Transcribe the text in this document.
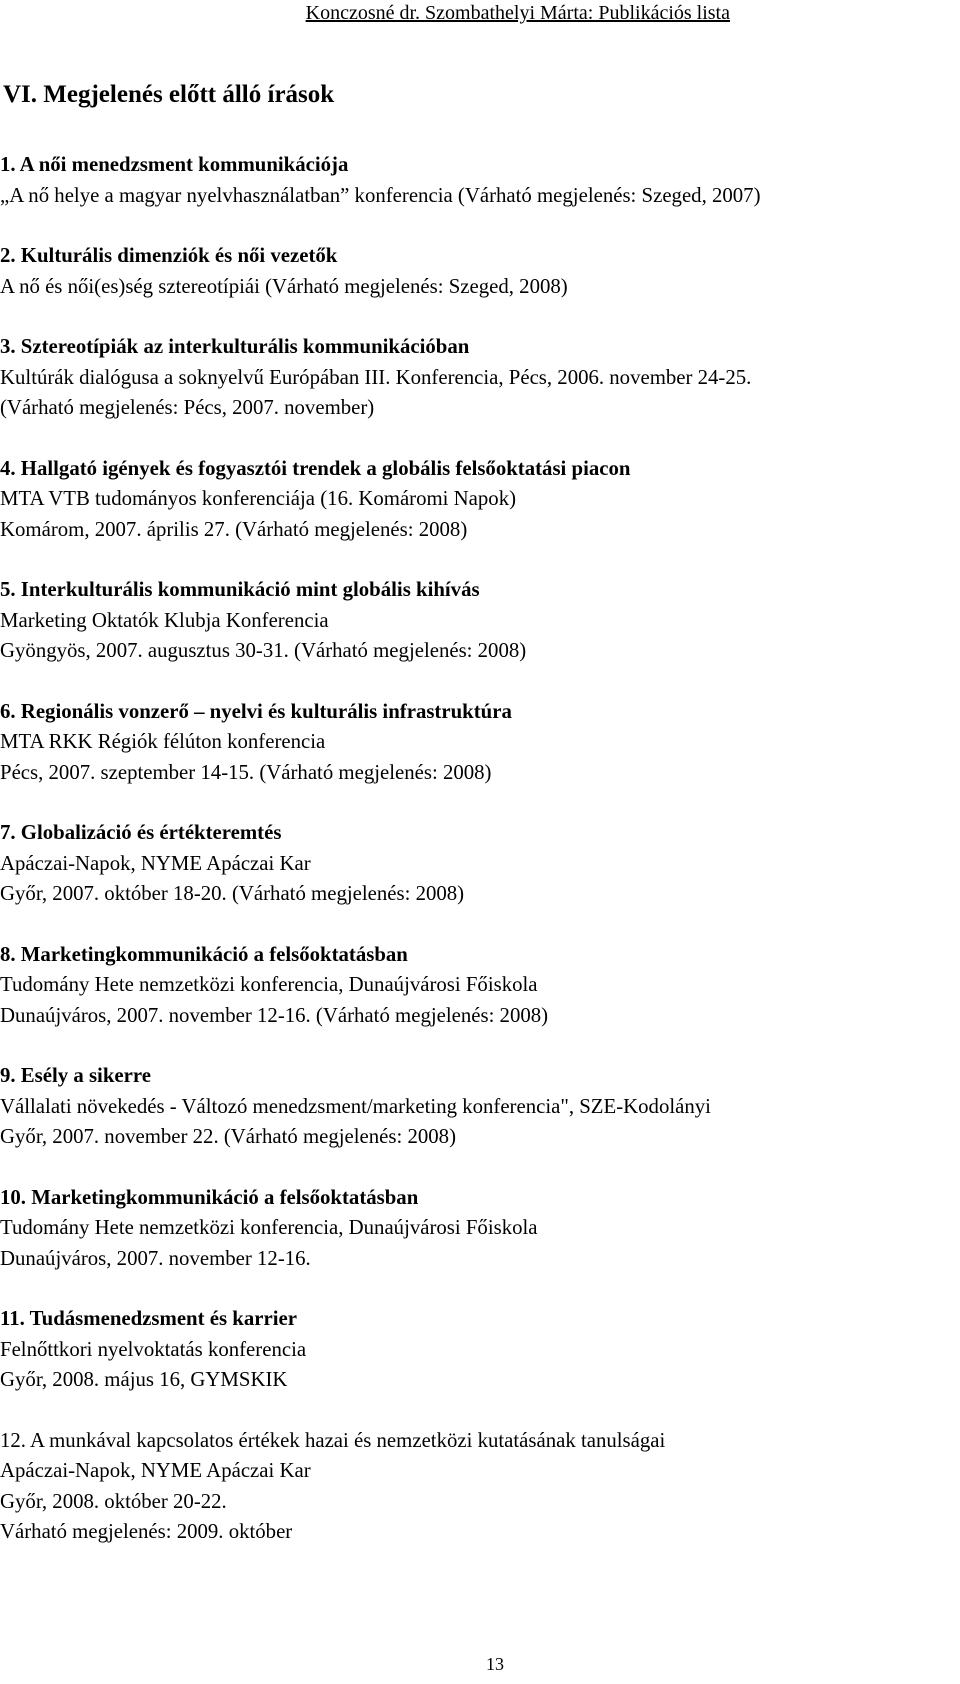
Konczosné dr. Szombathelyi Márta: Publikációs lista
VI. Megjelenés előtt álló írások
1. A női menedzsment kommunikációja
„A nő helye a magyar nyelvhasználatban” konferencia (Várható megjelenés: Szeged, 2007)
2. Kulturális dimenziók és női vezetők
A nő és női(es)ség sztereotípiái (Várható megjelenés: Szeged, 2008)
3. Sztereotípiák az interkulturális kommunikációban
Kultúrák dialógusa a soknyelvű Európában III. Konferencia, Pécs, 2006. november 24-25.
(Várható megjelenés: Pécs, 2007. november)
4. Hallgató igények és fogyasztói trendek a globális felsőoktatási piacon
MTA VTB tudományos konferenciája (16. Komáromi Napok)
Komárom, 2007. április 27. (Várható megjelenés: 2008)
5. Interkulturális kommunikáció mint globális kihívás
Marketing Oktatók Klubja Konferencia
Gyöngyös, 2007. augusztus 30-31. (Várható megjelenés: 2008)
6. Regionális vonzerő – nyelvi és kulturális infrastruktúra
MTA RKK Régiók félúton konferencia
Pécs, 2007. szeptember 14-15. (Várható megjelenés: 2008)
7. Globalizáció és értékteremtés
Apáczai-Napok, NYME Apáczai Kar
Győr, 2007. október 18-20. (Várható megjelenés: 2008)
8. Marketingkommunikáció a felsőoktatásban
Tudomány Hete nemzetközi konferencia, Dunaújvárosi Főiskola
Dunaújváros, 2007. november 12-16. (Várható megjelenés: 2008)
9. Esély a sikerre
Vállalati növekedés - Változó menedzsment/marketing konferencia", SZE-Kodolányi
Győr, 2007. november 22. (Várható megjelenés: 2008)
10. Marketingkommunikáció a felsőoktatásban
Tudomány Hete nemzetközi konferencia, Dunaújvárosi Főiskola
Dunaújváros, 2007. november 12-16.
11. Tudásmenedzsment és karrier
Felnőttkori nyelvoktatás konferencia
Győr, 2008. május 16, GYMSKIK
12. A munkával kapcsolatos értékek hazai és nemzetközi kutatásának tanulságai
Apáczai-Napok, NYME Apáczai Kar
Győr, 2008. október 20-22.
Várható megjelenés: 2009. október
13
